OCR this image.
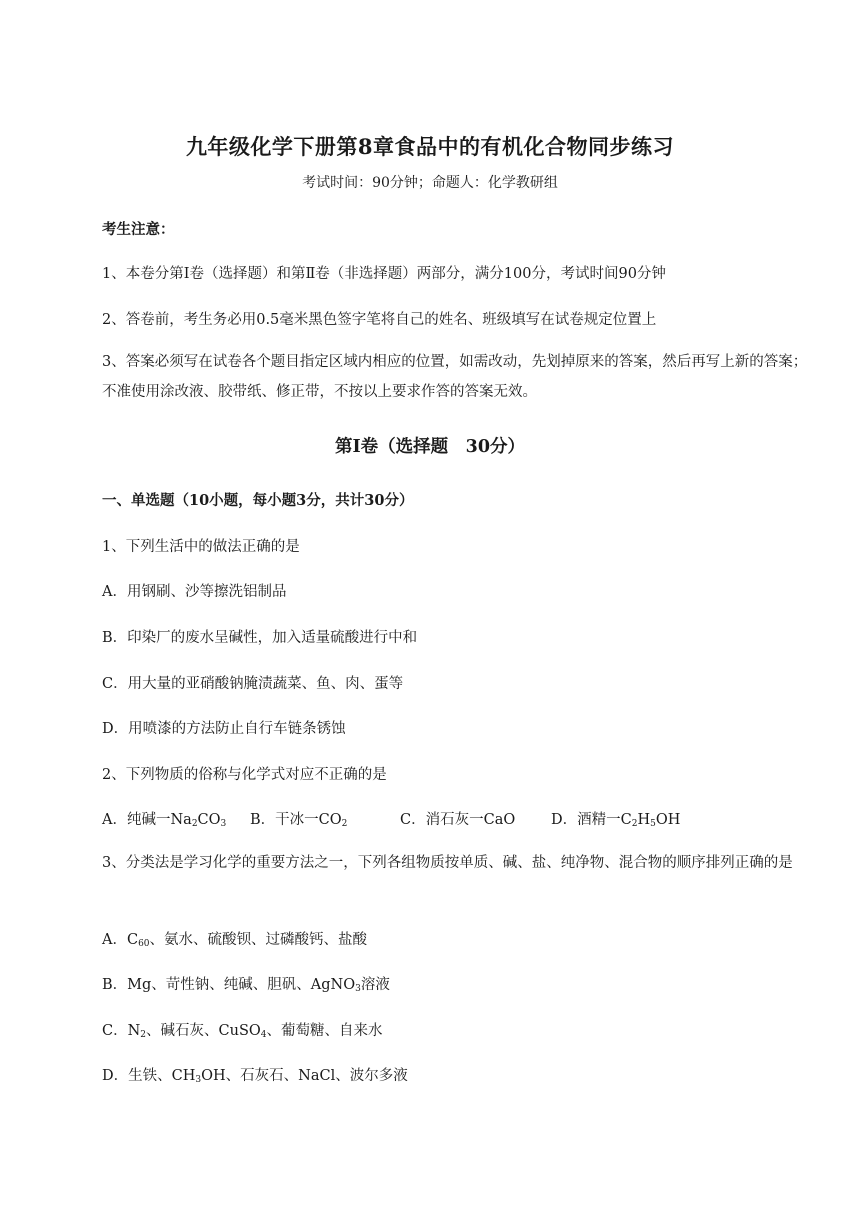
九年级化学下册第8章食品中的有机化合物同步练习
考试时间：90分钟；命题人：化学教研组
考生注意：
1、本卷分第Ⅰ卷（选择题）和第Ⅱ卷（非选择题）两部分，满分100分，考试时间90分钟
2、答卷前，考生务必用0.5毫米黑色签字笔将自己的姓名、班级填写在试卷规定位置上
3、答案必须写在试卷各个题目指定区域内相应的位置，如需改动，先划掉原来的答案，然后再写上新的答案；不准使用涂改液、胶带纸、修正带，不按以上要求作答的答案无效。
第Ⅰ卷（选择题　30分）
一、单选题（10小题，每小题3分，共计30分）
1、下列生活中的做法正确的是
A．用钢刷、沙等擦洗铝制品
B．印染厂的废水呈碱性，加入适量硫酸进行中和
C．用大量的亚硝酸钠腌渍蔬菜、鱼、肉、蛋等
D．用喷漆的方法防止自行车链条锈蚀
2、下列物质的俗称与化学式对应不正确的是
A．纯碱一$Na_2CO_3$ B．干冰一$CO_2$	C．消石灰一CaO D．酒精一$C_2H_5OH$
3、分类法是学习化学的重要方法之一，下列各组物质按单质、碱、盐、纯净物、混合物的顺序排列正确的是
A．$C_{60}$、氨水、硫酸钡、过磷酸钙、盐酸
B．Mg、苛性钠、纯碱、胆矾、AgNO$_3$溶液
C．$N_2$、碱石灰、CuSO$_4$、葡萄糖、自来水
D．生铁、$CH_3OH$、石灰石、NaCl、波尔多液
